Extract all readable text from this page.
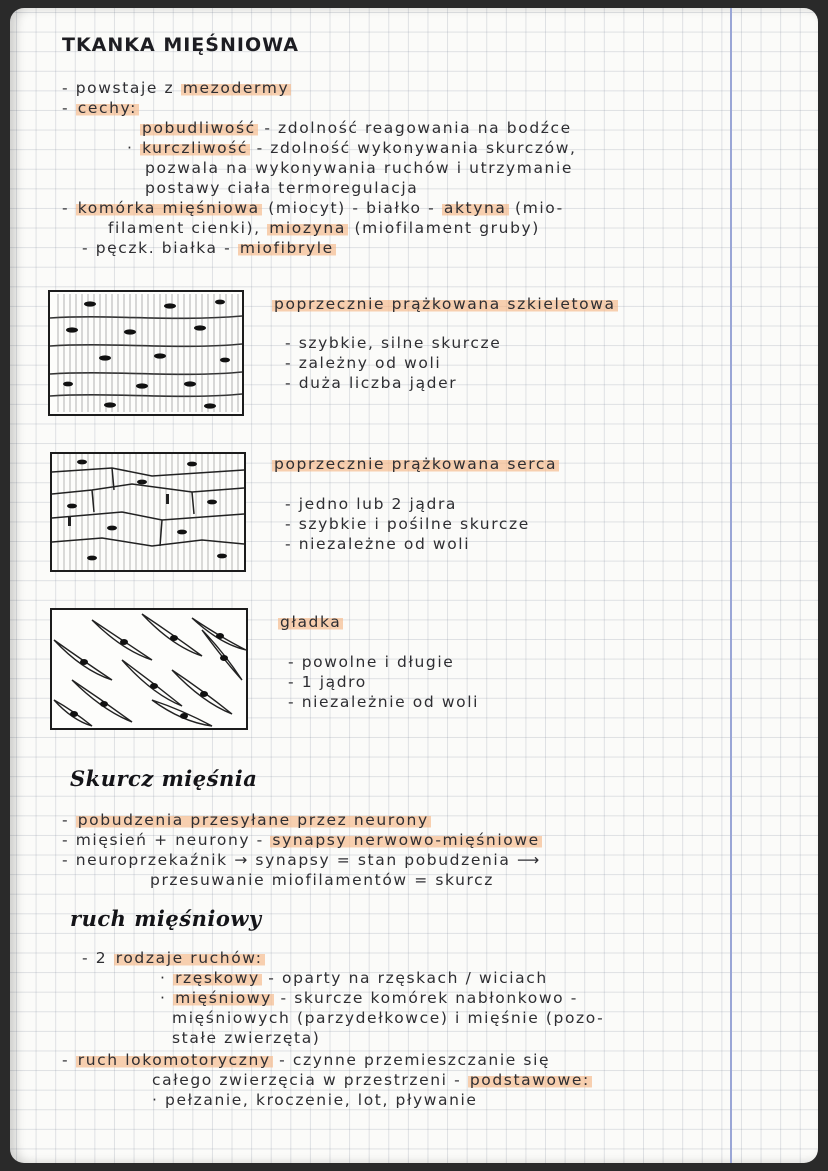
TKANKA MIĘŚNIOWA
- powstaje z mezodermy
- cechy:
pobudliwość - zdolność reagowania na bodźce
· kurczliwość - zdolność wykonywania skurczów,
pozwala na wykonywania ruchów i utrzymanie
postawy ciała termoregulacja
- komórka mięśniowa (miocyt) - białko - aktyna (mio-
filament cienki), miozyna (miofilament gruby)
- pęczk. białka - miofibryle
poprzecznie prążkowana szkieletowa
- szybkie, silne skurcze
- zależny od woli
- duża liczba jąder
poprzecznie prążkowana serca
- jedno lub 2 jądra
- szybkie i pośilne skurcze
- niezależne od woli
gładka
- powolne i długie
- 1 jądro
- niezależnie od woli
Skurcz mięśnia
- pobudzenia przesyłane przez neurony
- mięsień + neurony - synapsy nerwowo-mięśniowe
- neuroprzekaźnik → synapsy = stan pobudzenia ⟶
przesuwanie miofilamentów = skurcz
ruch mięśniowy
- 2 rodzaje ruchów:
· rzęskowy - oparty na rzęskach / wiciach
· mięśniowy - skurcze komórek nabłonkowo -
mięśniowych (parzydełkowce) i mięśnie (pozo-
stałe zwierzęta)
- ruch lokomotoryczny - czynne przemieszczanie się
całego zwierzęcia w przestrzeni - podstawowe:
· pełzanie, kroczenie, lot, pływanie
